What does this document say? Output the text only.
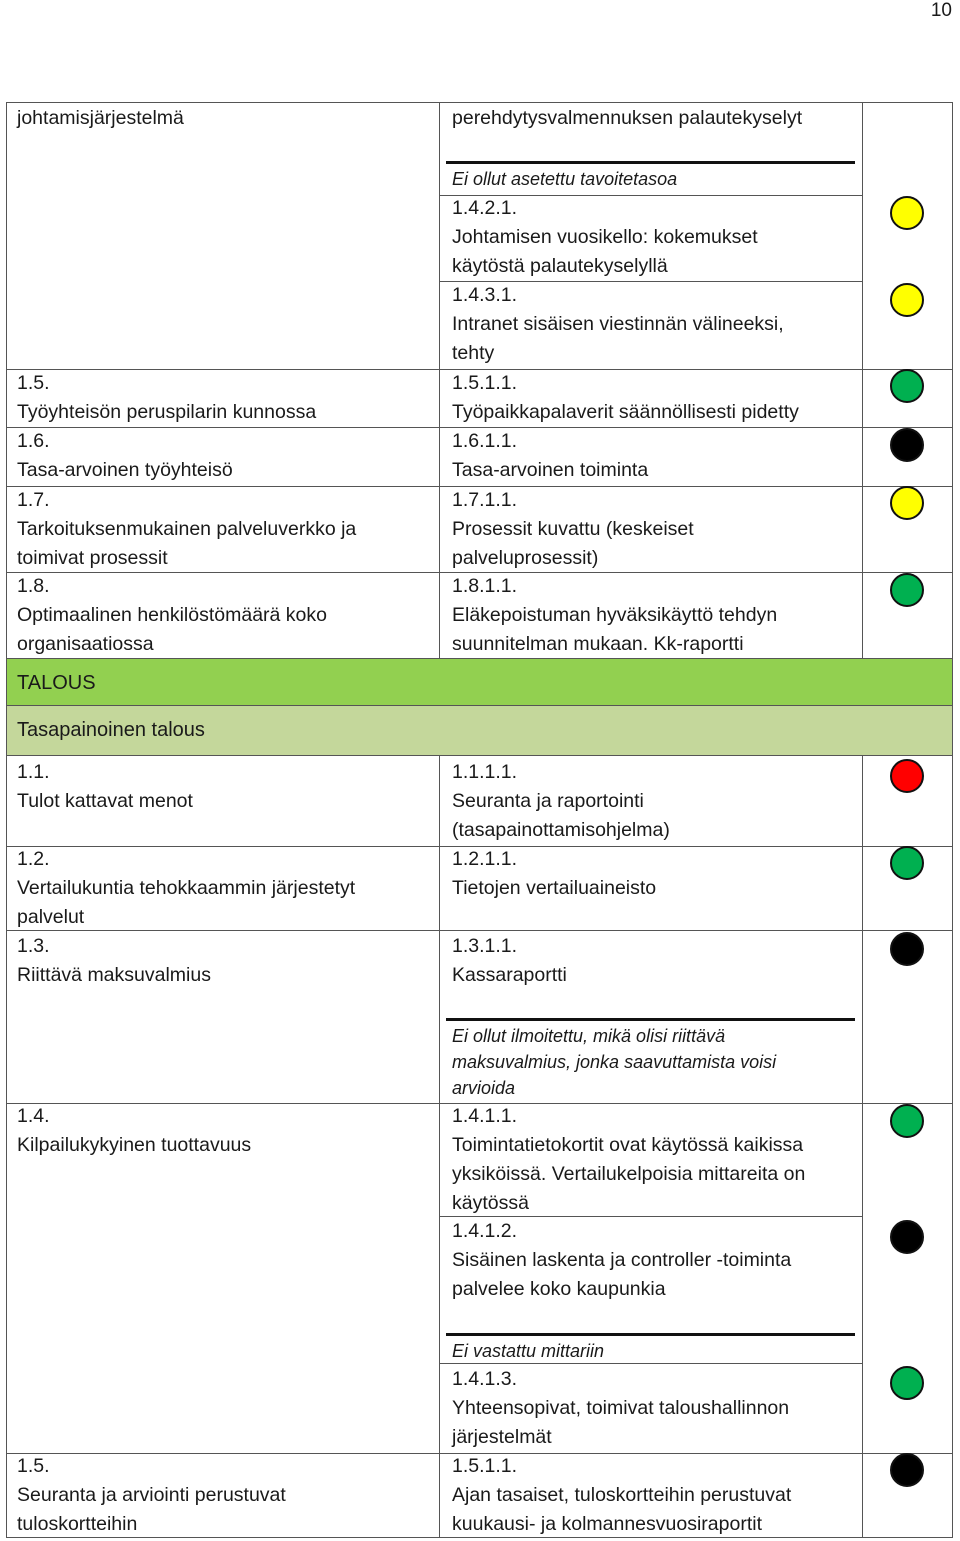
10
TALOUS
Tasapainoinen talous
johtamisjärjestelmä	perehdytysvalmennuksen palautekyselyt
Ei ollut asetettu tavoitetasoa
Ei ollut ilmoitettu, mikä olisi riittävä
maksuvalmius, jonka saavuttamista voisi
arvioida
Ei vastattu mittariin
1.5.
Työyhteisön peruspilarin kunnossa
1.6.
Tasa-arvoinen työyhteisö
1.7.
Tarkoituksenmukainen palveluverkko ja
toimivat prosessit
1.8.
Optimaalinen henkilöstömäärä koko
organisaatiossa
1.4.2.1.
Johtamisen vuosikello: kokemukset
käytöstä palautekyselyllä
1.4.3.1.
Intranet sisäisen viestinnän välineeksi,
tehty
1.5.1.1.
Työpaikkapalaverit säännöllisesti pidetty
1.6.1.1.
Tasa-arvoinen toiminta
1.7.1.1.
Prosessit kuvattu (keskeiset
palveluprosessit)
1.8.1.1.
Eläkepoistuman hyväksikäyttö tehdyn
suunnitelman mukaan. Kk-raportti
1.1.
Tulot kattavat menot
1.2.
Vertailukuntia tehokkaammin järjestetyt
palvelut
1.3.
Riittävä maksuvalmius
1.4.
Kilpailukykyinen tuottavuus
1.5.
Seuranta ja arviointi perustuvat
tuloskortteihin
1.1.1.1.
Seuranta ja raportointi
(tasapainottamisohjelma)
1.2.1.1.
Tietojen vertailuaineisto
1.3.1.1.
Kassaraportti
1.4.1.1.
Toimintatietokortit ovat käytössä kaikissa
yksiköissä. Vertailukelpoisia mittareita on
käytössä
1.4.1.2.
Sisäinen laskenta ja controller -toiminta
palvelee koko kaupunkia
1.4.1.3.
Yhteensopivat, toimivat taloushallinnon
järjestelmät
1.5.1.1.
Ajan tasaiset, tuloskortteihin perustuvat
kuukausi- ja kolmannesvuosiraportit
